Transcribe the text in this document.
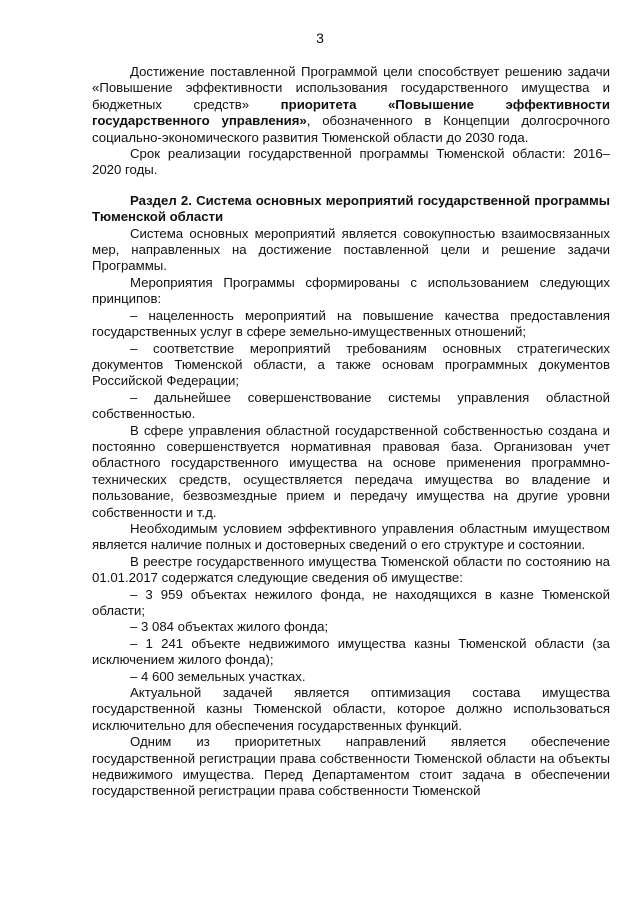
3

Достижение поставленной Программой цели способствует решению задачи «Повышение эффективности использования государственного имущества и бюджетных средств» приоритета «Повышение эффективности государственного управления», обозначенного в Концепции долгосрочного социально-экономического развития Тюменской области до 2030 года.

Срок реализации государственной программы Тюменской области: 2016–2020 годы.

Раздел 2. Система основных мероприятий государственной программы Тюменской области

Система основных мероприятий является совокупностью взаимосвязанных мер, направленных на достижение поставленной цели и решение задачи Программы.

Мероприятия Программы сформированы с использованием следующих принципов:

– нацеленность мероприятий на повышение качества предоставления государственных услуг в сфере земельно-имущественных отношений;

– соответствие мероприятий требованиям основных стратегических документов Тюменской области, а также основам программных документов Российской Федерации;

– дальнейшее совершенствование системы управления областной собственностью.

В сфере управления областной государственной собственностью создана и постоянно совершенствуется нормативная правовая база. Организован учет областного государственного имущества на основе применения программно-технических средств, осуществляется передача имущества во владение и пользование, безвозмездные прием и передачу имущества на другие уровни собственности и т.д.

Необходимым условием эффективного управления областным имуществом является наличие полных и достоверных сведений о его структуре и состоянии.

В реестре государственного имущества Тюменской области по состоянию на 01.01.2017 содержатся следующие сведения об имуществе:

– 3 959 объектах нежилого фонда, не находящихся в казне Тюменской области;

– 3 084 объектах жилого фонда;

– 1 241 объекте недвижимого имущества казны Тюменской области (за исключением жилого фонда);

– 4 600 земельных участках.

Актуальной задачей является оптимизация состава имущества государственной казны Тюменской области, которое должно использоваться исключительно для обеспечения государственных функций.

Одним из приоритетных направлений является обеспечение государственной регистрации права собственности Тюменской области на объекты недвижимого имущества. Перед Департаментом стоит задача в обеспечении государственной регистрации права собственности Тюменской
